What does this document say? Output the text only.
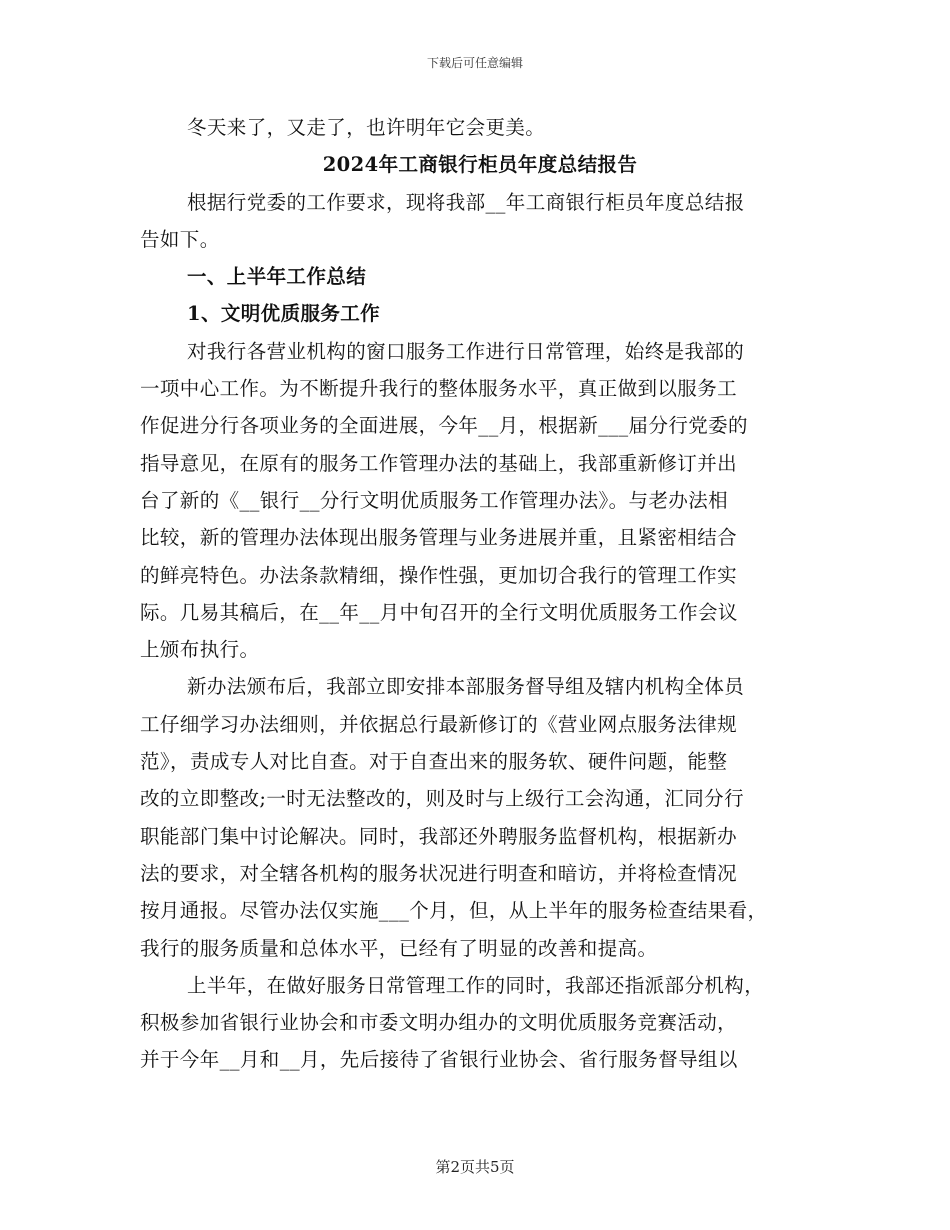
下载后可任意编辑
冬天来了，又走了，也许明年它会更美。
2024年工商银行柜员年度总结报告
根据行党委的工作要求，现将我部__年工商银行柜员年度总结报
告如下。
一、上半年工作总结
1、文明优质服务工作
对我行各营业机构的窗口服务工作进行日常管理，始终是我部的
一项中心工作。为不断提升我行的整体服务水平，真正做到以服务工
作促进分行各项业务的全面进展，今年__月，根据新___届分行党委的
指导意见，在原有的服务工作管理办法的基础上，我部重新修订并出
台了新的《__银行__分行文明优质服务工作管理办法》。与老办法相
比较，新的管理办法体现出服务管理与业务进展并重，且紧密相结合
的鲜亮特色。办法条款精细，操作性强，更加切合我行的管理工作实
际。几易其稿后，在__年__月中旬召开的全行文明优质服务工作会议
上颁布执行。
新办法颁布后，我部立即安排本部服务督导组及辖内机构全体员
工仔细学习办法细则，并依据总行最新修订的《营业网点服务法律规
范》，责成专人对比自查。对于自查出来的服务软、硬件问题，能整
改的立即整改;一时无法整改的，则及时与上级行工会沟通，汇同分行
职能部门集中讨论解决。同时，我部还外聘服务监督机构，根据新办
法的要求，对全辖各机构的服务状况进行明查和暗访，并将检查情况
按月通报。尽管办法仅实施___个月，但，从上半年的服务检查结果看，
我行的服务质量和总体水平，已经有了明显的改善和提高。
上半年，在做好服务日常管理工作的同时，我部还指派部分机构，
积极参加省银行业协会和市委文明办组办的文明优质服务竞赛活动，
并于今年__月和__月，先后接待了省银行业协会、省行服务督导组以
第2页共5页
